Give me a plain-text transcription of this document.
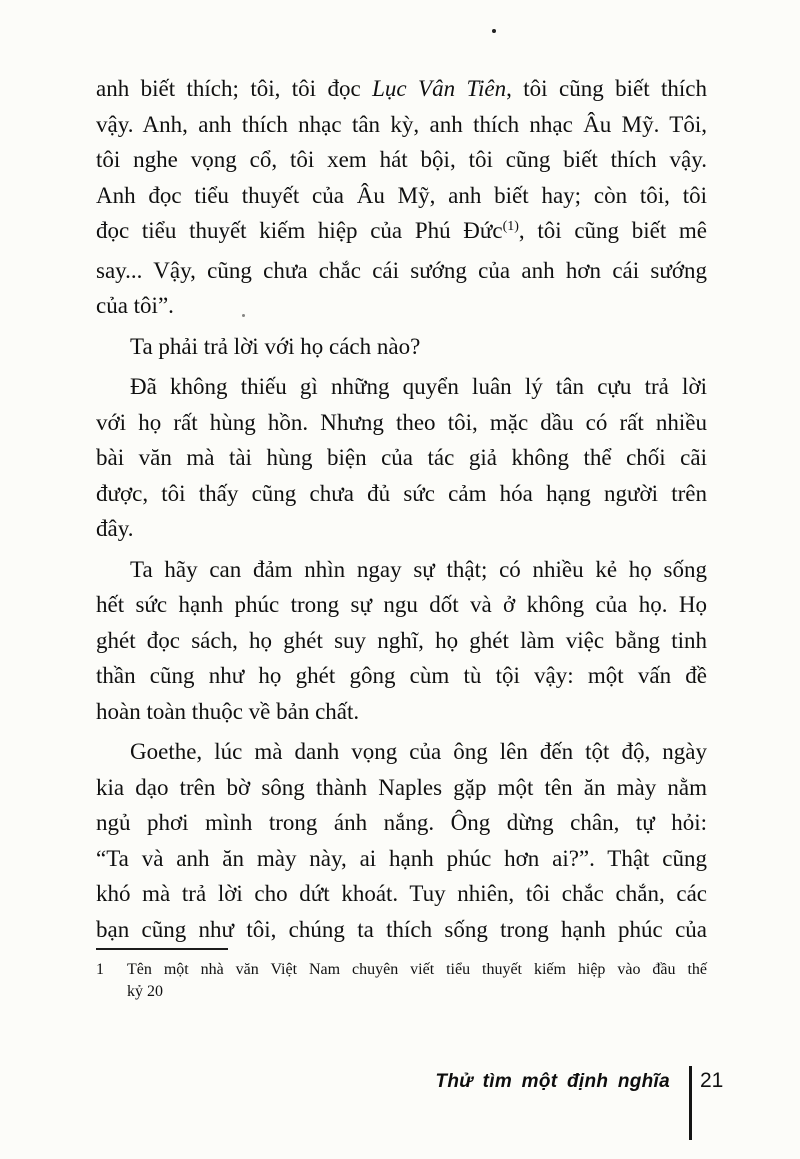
anh biết thích; tôi, tôi đọc Lục Vân Tiên, tôi cũng biết thích
vậy. Anh, anh thích nhạc tân kỳ, anh thích nhạc Âu Mỹ. Tôi,
tôi nghe vọng cổ, tôi xem hát bội, tôi cũng biết thích vậy.
Anh đọc tiểu thuyết của Âu Mỹ, anh biết hay; còn tôi, tôi
đọc tiểu thuyết kiếm hiệp của Phú Đức$^{(1)}$, tôi cũng biết mê
say... Vậy, cũng chưa chắc cái sướng của anh hơn cái sướng
của tôi”.
Ta phải trả lời với họ cách nào?
Đã không thiếu gì những quyển luân lý tân cựu trả lời
với họ rất hùng hồn. Nhưng theo tôi, mặc dầu có rất nhiều
bài văn mà tài hùng biện của tác giả không thể chối cãi
được, tôi thấy cũng chưa đủ sức cảm hóa hạng người trên
đây.
Ta hãy can đảm nhìn ngay sự thật; có nhiều kẻ họ sống
hết sức hạnh phúc trong sự ngu dốt và ở không của họ. Họ
ghét đọc sách, họ ghét suy nghĩ, họ ghét làm việc bằng tinh
thần cũng như họ ghét gông cùm tù tội vậy: một vấn đề
hoàn toàn thuộc về bản chất.
Goethe, lúc mà danh vọng của ông lên đến tột độ, ngày
kia dạo trên bờ sông thành Naples gặp một tên ăn mày nằm
ngủ phơi mình trong ánh nắng. Ông dừng chân, tự hỏi:
“Ta và anh ăn mày này, ai hạnh phúc hơn ai?”. Thật cũng
khó mà trả lời cho dứt khoát. Tuy nhiên, tôi chắc chắn, các
bạn cũng như tôi, chúng ta thích sống trong hạnh phúc của
1	Tên một nhà văn Việt Nam chuyên viết tiểu thuyết kiếm hiệp vào đầu thế
kỷ 20
Thử tìm một định nghĩa 21
